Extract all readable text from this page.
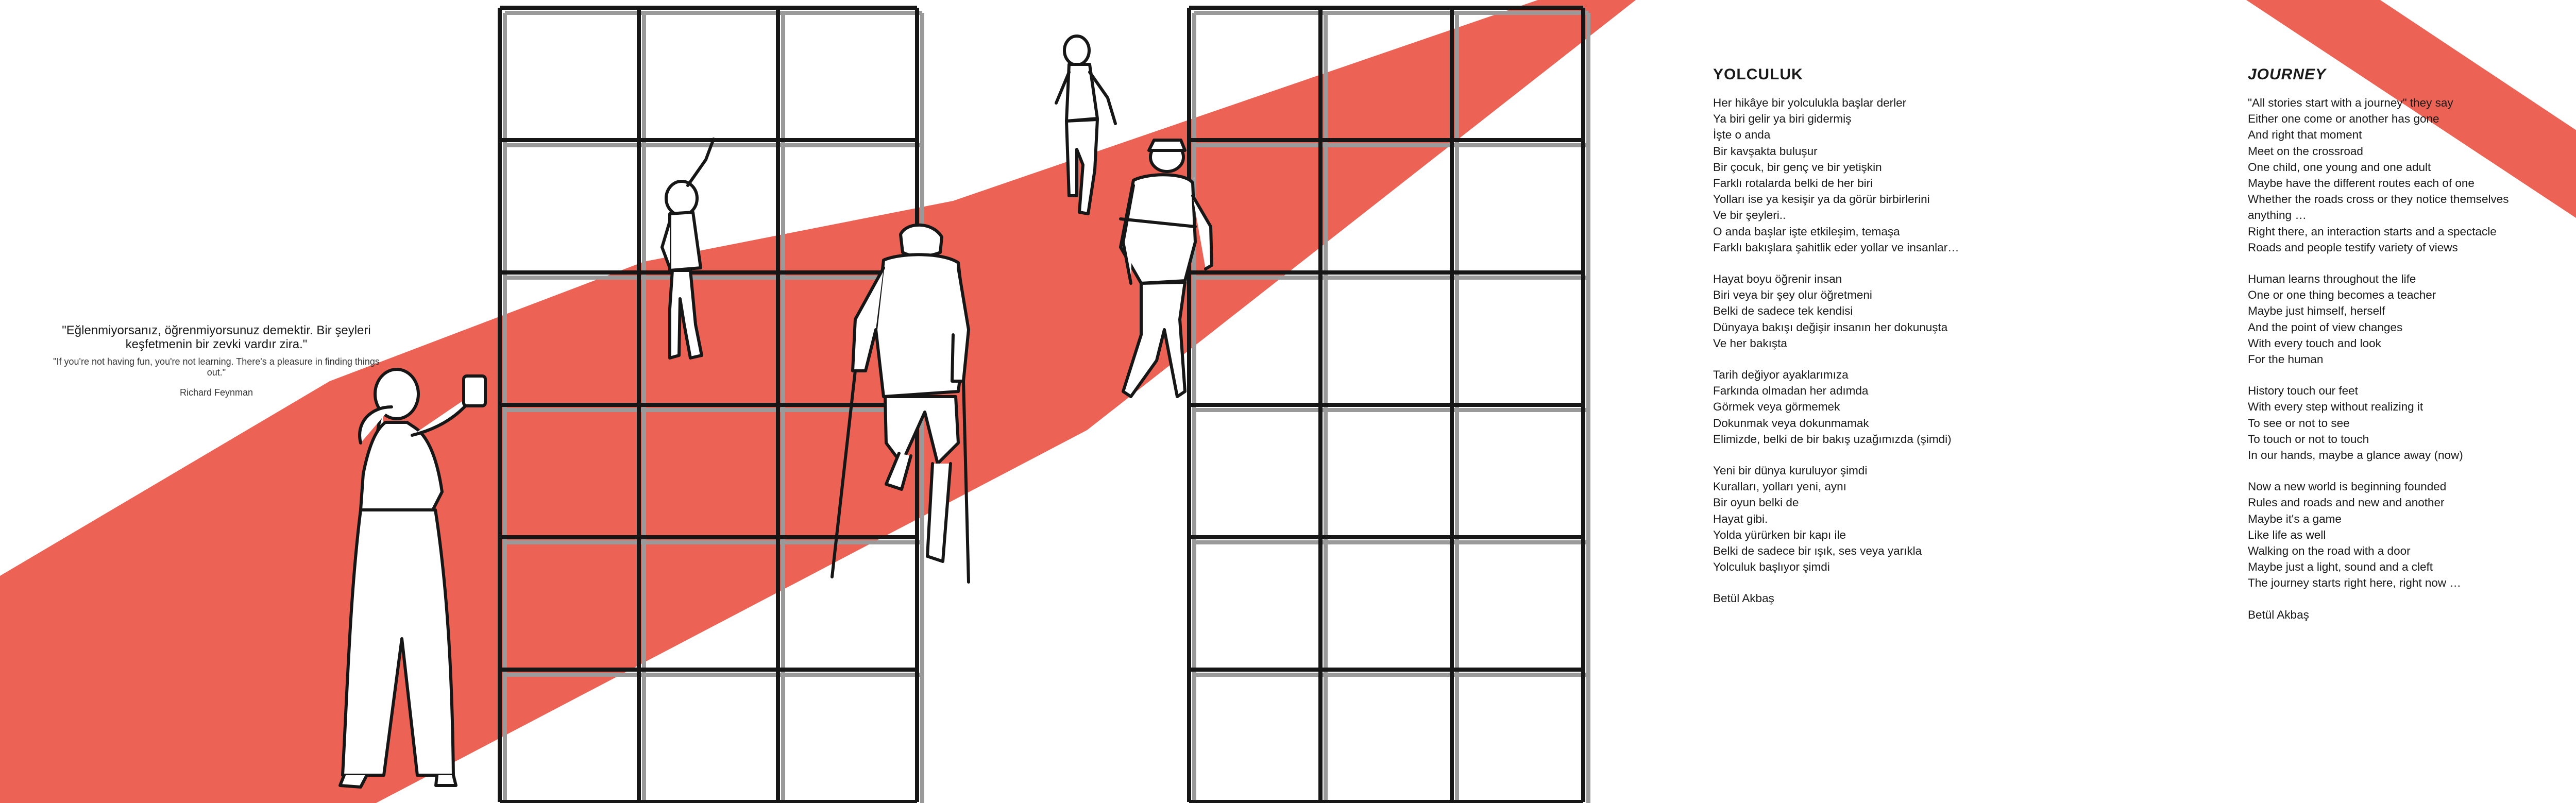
"Eğlenmiyorsanız, öğrenmiyorsunuz demektir. Bir şeyleri keşfetmenin bir zevki vardır zira."
"If you're not having fun, you're not learning. There's a pleasure in finding things out."
Richard Feynman
YOLCULUK
Her hikâye bir yolculukla başlar derler
Ya biri gelir ya biri gidermiş
İşte o anda
Bir kavşakta buluşur
Bir çocuk, bir genç ve bir yetişkin
Farklı rotalarda belki de her biri
Yolları ise ya kesişir ya da görür birbirlerini
Ve bir şeyleri..
O anda başlar işte etkileşim, temaşa
Farklı bakışlara şahitlik eder yollar ve insanlar…
Hayat boyu öğrenir insan
Biri veya bir şey olur öğretmeni
Belki de sadece tek kendisi
Dünyaya bakışı değişir insanın her dokunuşta
Ve her bakışta
Tarih değiyor ayaklarımıza
Farkında olmadan her adımda
Görmek veya görmemek
Dokunmak veya dokunmamak
Elimizde, belki de bir bakış uzağımızda (şimdi)
Yeni bir dünya kuruluyor şimdi
Kuralları, yolları yeni, aynı
Bir oyun belki de
Hayat gibi.
Yolda yürürken bir kapı ile
Belki de sadece bir ışık, ses veya yarıkla
Yolculuk başlıyor şimdi
Betül Akbaş
JOURNEY
"All stories start with a journey" they say
Either one come or another has gone
And right that moment
Meet on the crossroad
One child, one young and one adult
Maybe have the different routes each of one
Whether the roads cross or they notice themselves
anything …
Right there, an interaction starts and a spectacle
Roads and people testify variety of views
Human learns throughout the life
One or one thing becomes a teacher
Maybe just himself, herself
And the point of view changes
With every touch and look
For the human
History touch our feet
With every step without realizing it
To see or not to see
To touch or not to touch
In our hands, maybe a glance away (now)
Now a new world is beginning founded
Rules and roads and new and another
Maybe it's a game
Like life as well
Walking on the road with a door
Maybe just a light, sound and a cleft
The journey starts right here, right now …
Betül Akbaş
